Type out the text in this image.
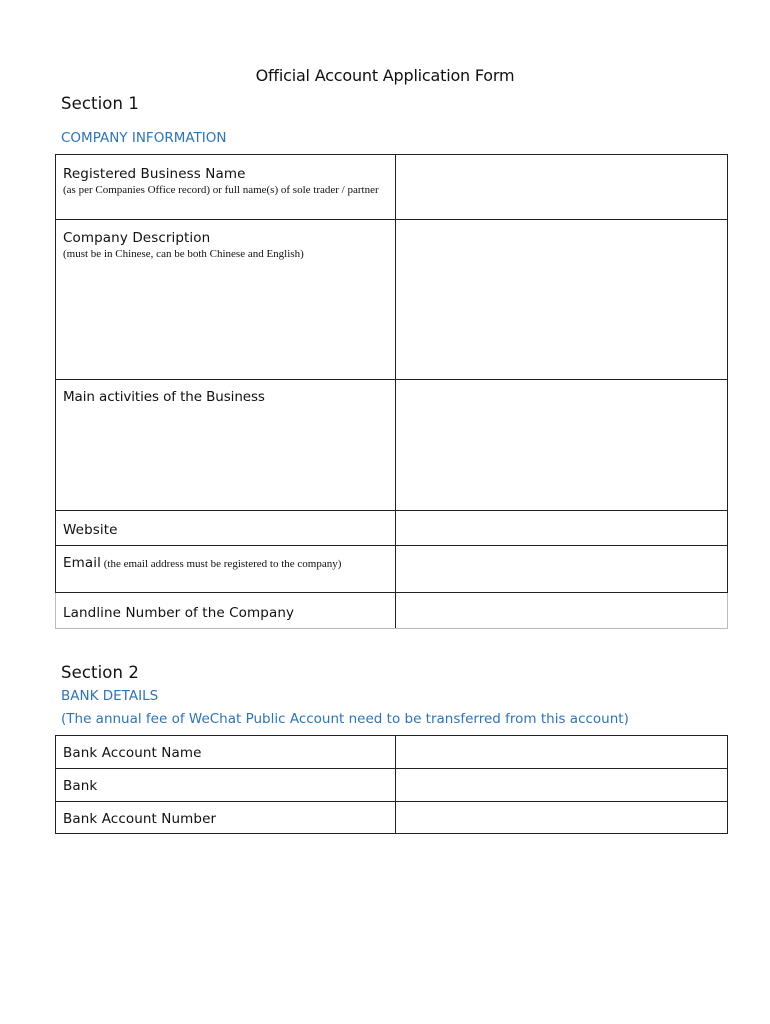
Official Account Application Form
Section 1
COMPANY INFORMATION
Registered Business Name
(as per Companies Office record) or full name(s) of sole trader / partner	

Company Description
(must be in Chinese, can be both Chinese and English)	

Main activities of the Business	

Website	

Email (the email address must be registered to the company)	

Landline Number of the Company	

Section 2
BANK DETAILS
(The annual fee of WeChat Public Account need to be transferred from this account)
Bank Account Name	

Bank	

Bank Account Number	
